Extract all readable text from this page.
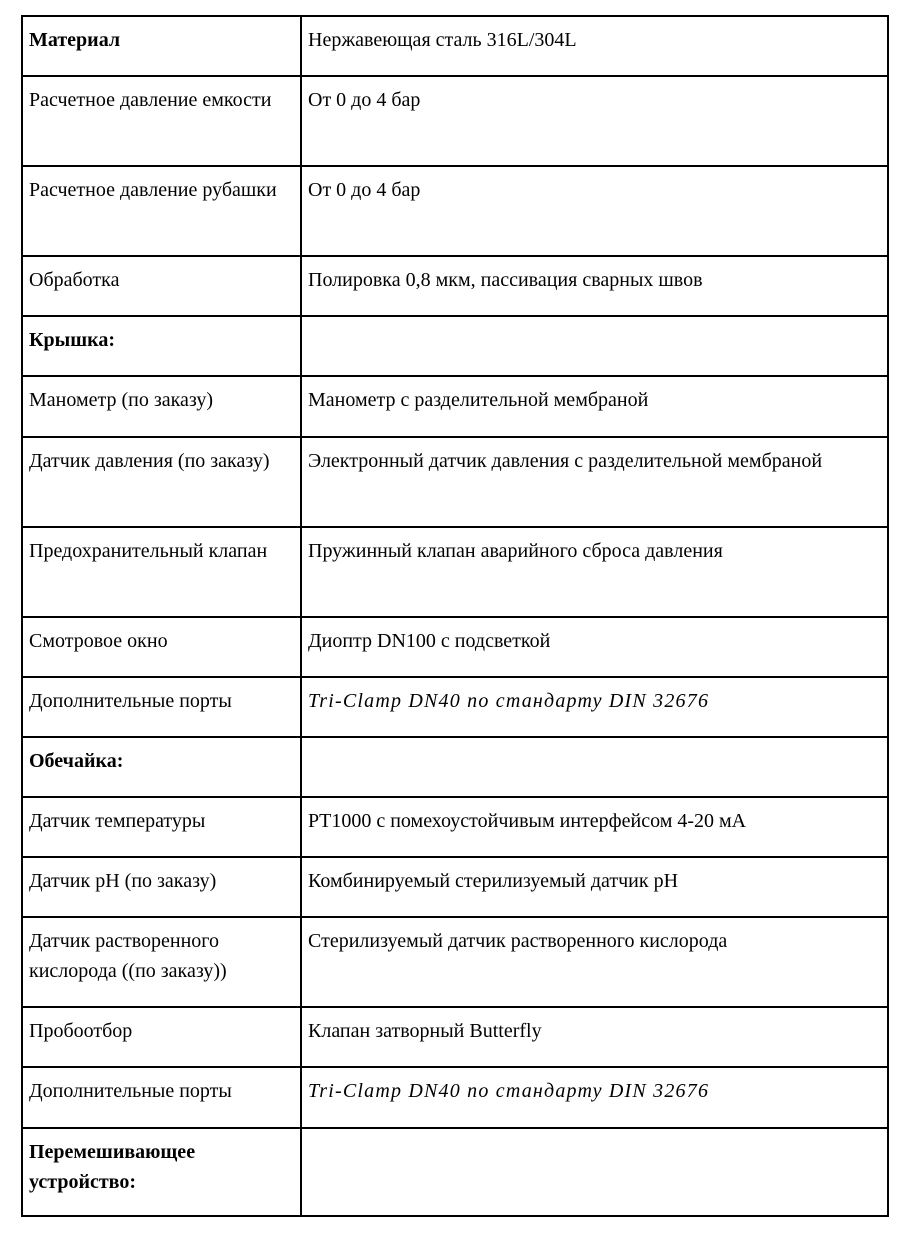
Материал	Нержавеющая сталь 316L/304L
Расчетное давление емкости	От 0 до 4 бар
Расчетное давление рубашки	От 0 до 4 бар
Обработка	Полировка 0,8 мкм, пассивация сварных швов
Крышка:	
Манометр (по заказу)	Манометр с разделительной мембраной
Датчик давления (по заказу)	Электронный датчик давления с разделительной мембраной
Предохранительный клапан	Пружинный клапан аварийного сброса давления
Смотровое окно	Диоптр DN100 с подсветкой
Дополнительные порты	Tri-Clamp DN40 по стандарту DIN 32676
Обечайка:	
Датчик температуры	PT1000 с помехоустойчивым интерфейсом 4-20 мА
Датчик pH (по заказу)	Комбинируемый стерилизуемый датчик pH
Датчик растворенного кислорода ((по заказу))	Стерилизуемый датчик растворенного кислорода
Пробоотбор	Клапан затворный Butterfly
Дополнительные порты	Tri-Clamp DN40 по стандарту DIN 32676
Перемешивающее устройство:	
